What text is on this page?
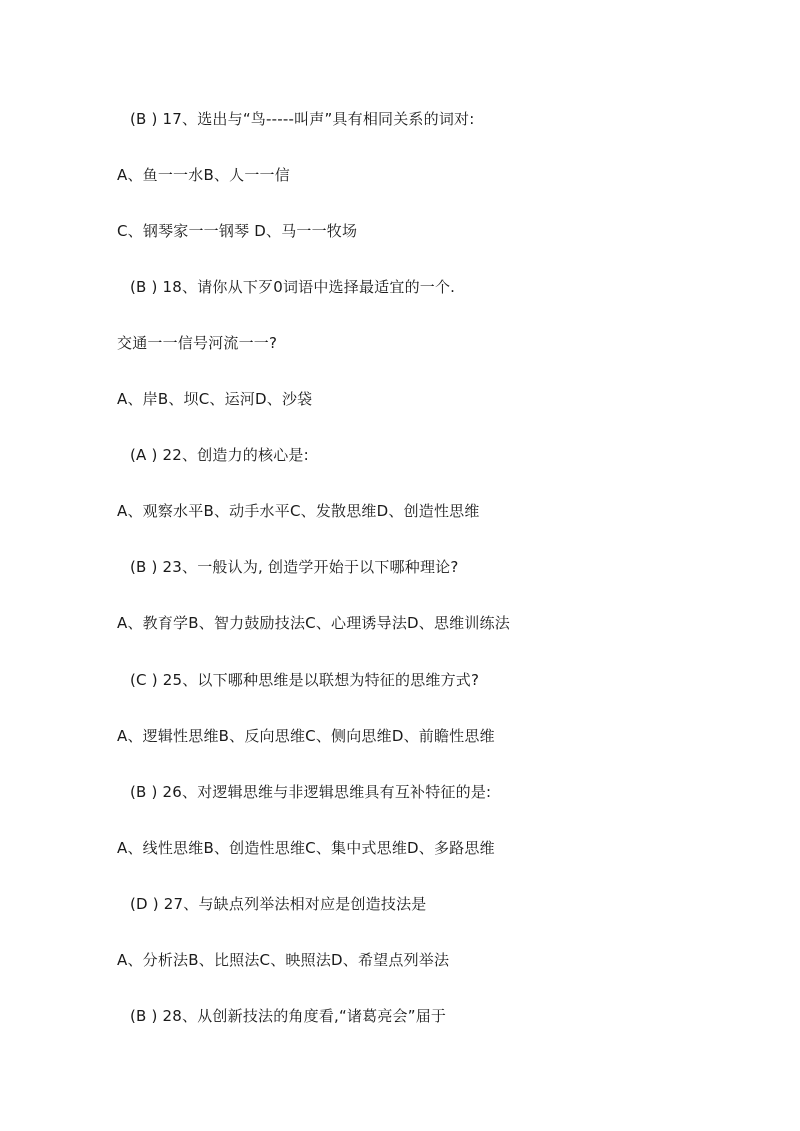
(B ) 17、选出与“鸟-----叫声”具有相同关系的词对:
A、鱼一一水B、人一一信
C、钢琴家一一钢琴 D、马一一牧场
(B ) 18、请你从下歹0词语中选择最适宜的一个.
交通一一信号河流一一?
A、岸B、坝C、运河D、沙袋
(A ) 22、创造力的核心是:
A、观察水平B、动手水平C、发散思维D、创造性思维
(B ) 23、一般认为, 创造学开始于以下哪种理论?
A、教育学B、智力鼓励技法C、心理诱导法D、思维训练法
(C ) 25、以下哪种思维是以联想为特征的思维方式?
A、逻辑性思维B、反向思维C、侧向思维D、前瞻性思维
(B ) 26、对逻辑思维与非逻辑思维具有互补特征的是:
A、线性思维B、创造性思维C、集中式思维D、多路思维
(D ) 27、与缺点列举法相对应是创造技法是
A、分析法B、比照法C、映照法D、希望点列举法
(B ) 28、从创新技法的角度看,“诸葛亮会”届于
